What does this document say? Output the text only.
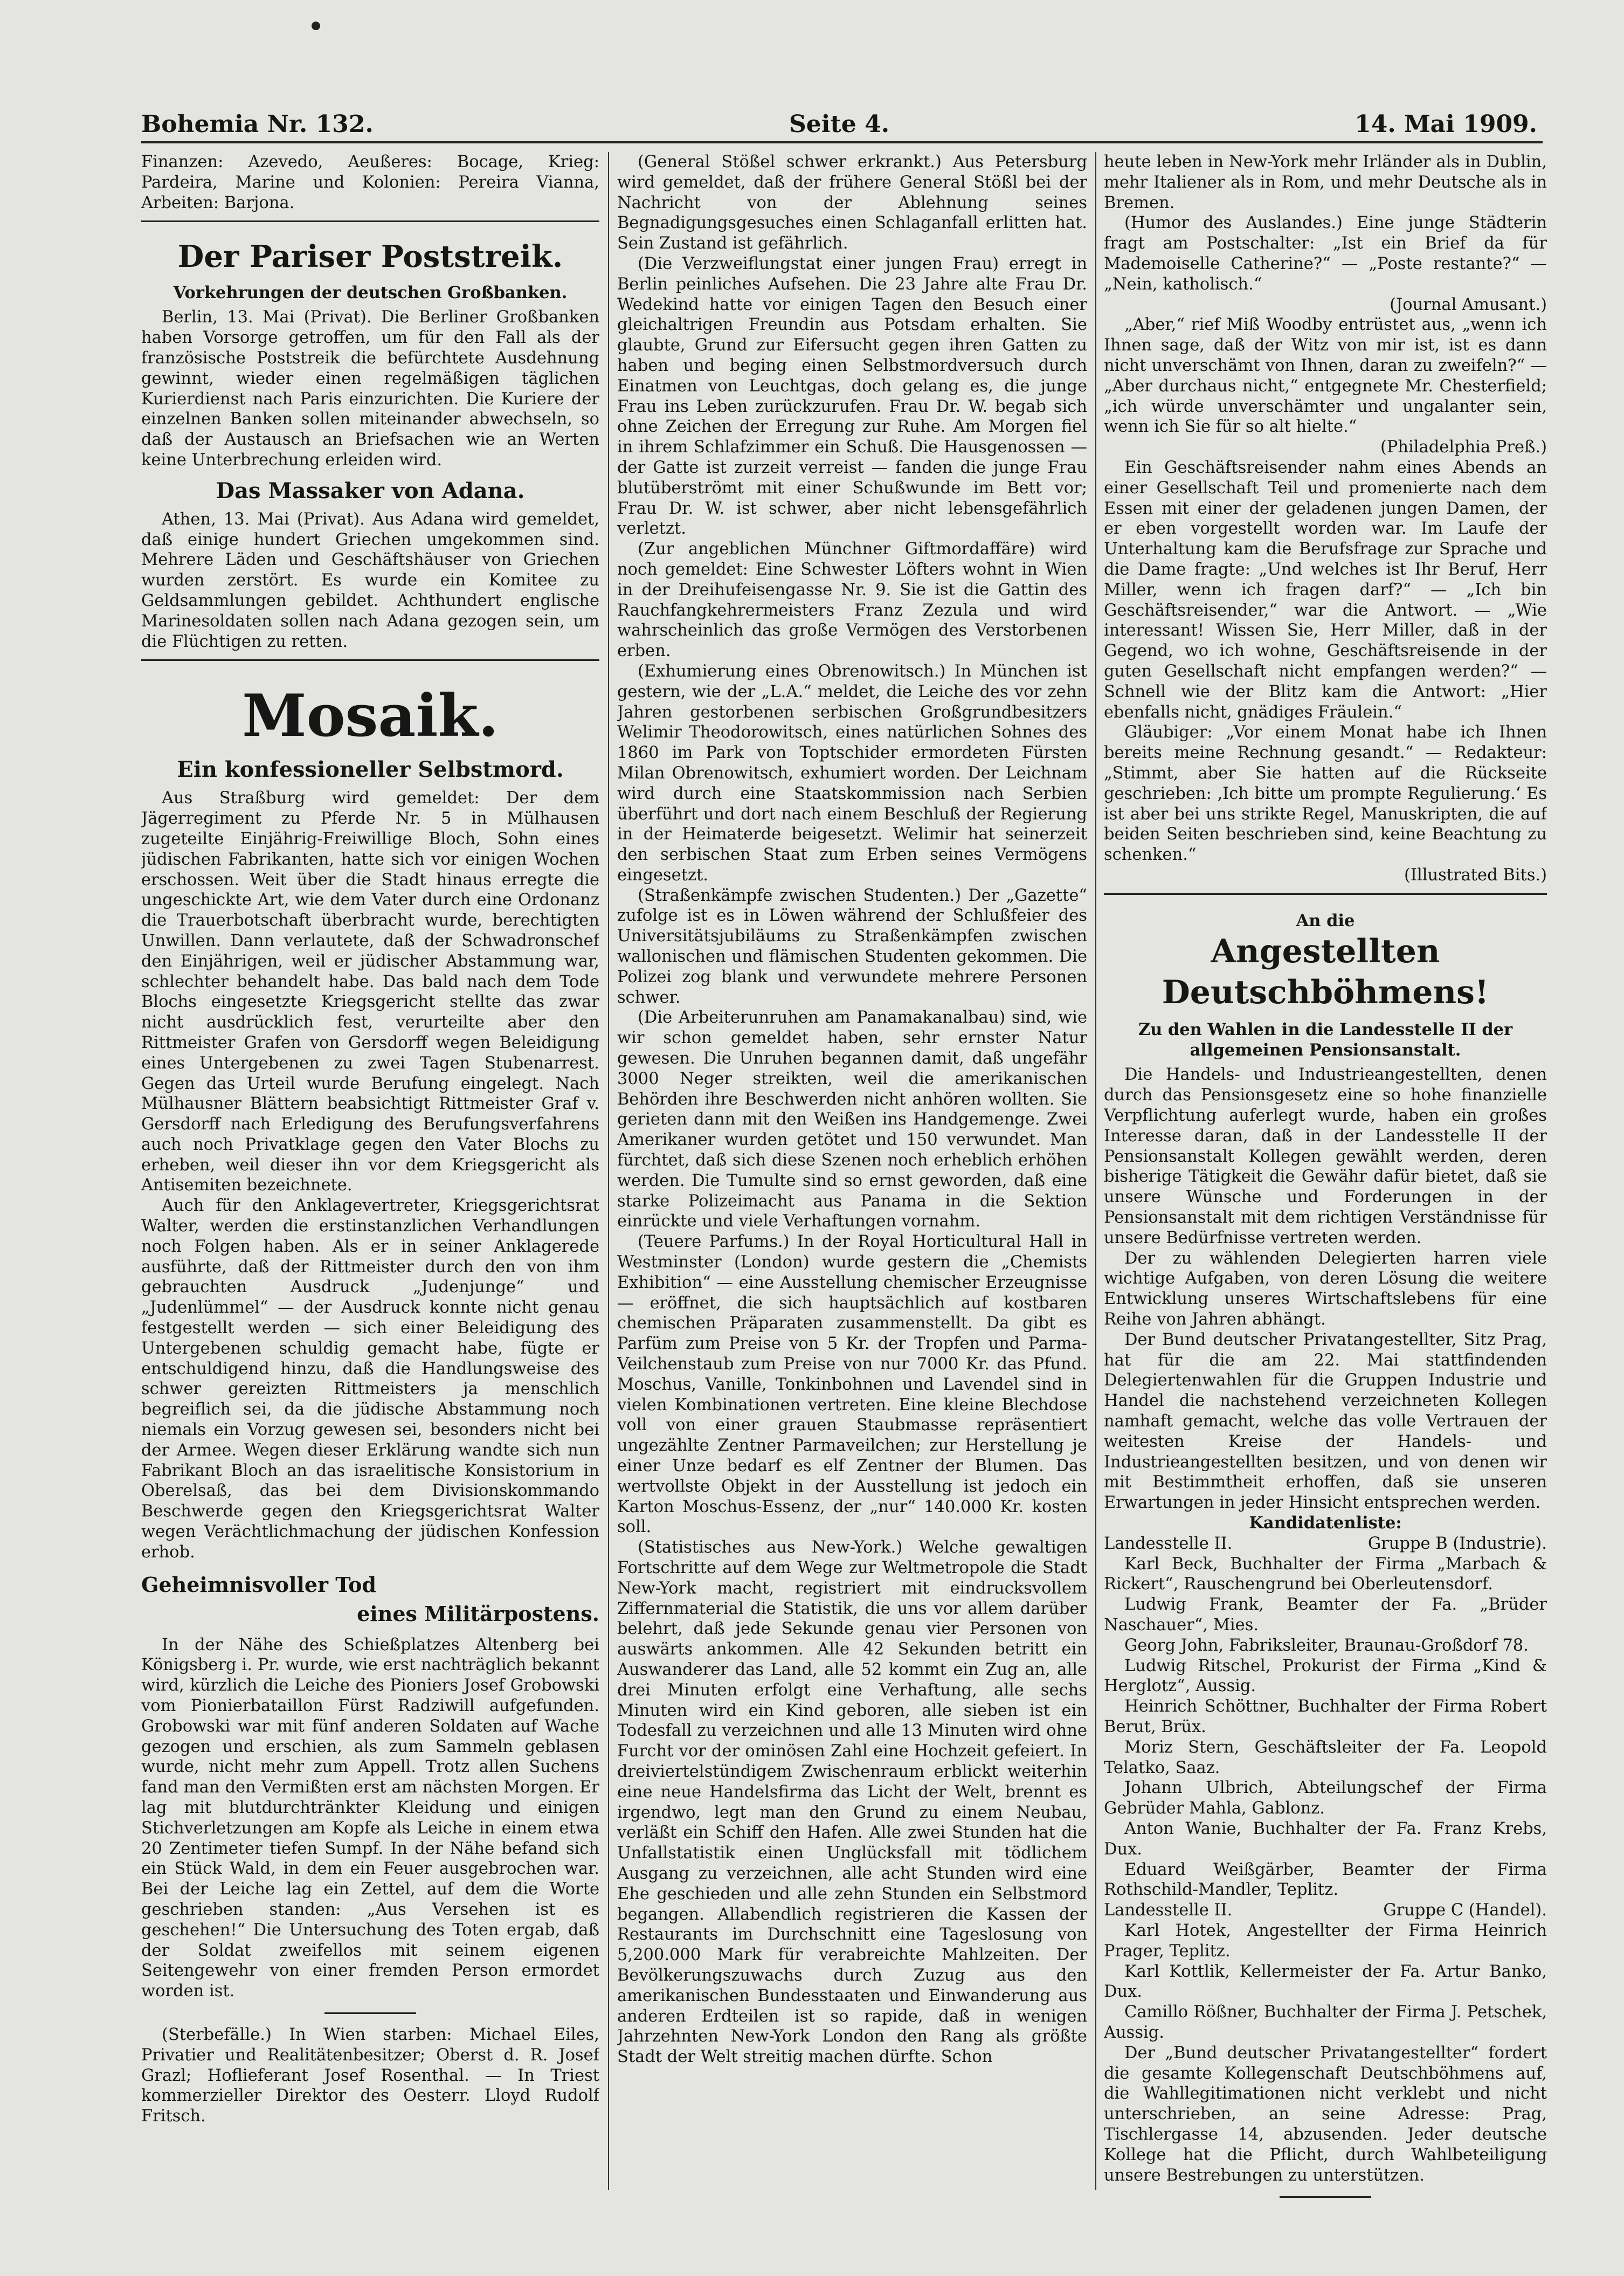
Bohemia Nr. 132.	Seite 4.	14. Mai 1909.

Finanzen: Azevedo, Aeußeres: Bocage, Krieg: Pardeira, Marine und Kolonien: Pereira Vianna, Arbeiten: Barjona.

Der Pariser Poststreik.
Vorkehrungen der deutschen Großbanken.

Berlin, 13. Mai (Privat). Die Berliner Großbanken haben Vorsorge getroffen, um für den Fall als der französische Poststreik die befürchtete Ausdehnung gewinnt, wieder einen regelmäßigen täglichen Kurierdienst nach Paris einzurichten. Die Kuriere der einzelnen Banken sollen miteinander abwechseln, so daß der Austausch an Briefsachen wie an Werten keine Unterbrechung erleiden wird.

Das Massaker von Adana.

Athen, 13. Mai (Privat). Aus Adana wird gemeldet, daß einige hundert Griechen umgekommen sind. Mehrere Läden und Geschäftshäuser von Griechen wurden zerstört. Es wurde ein Komitee zu Geldsammlungen gebildet. Achthundert englische Marinesoldaten sollen nach Adana gezogen sein, um die Flüchtigen zu retten.

Mosaik.
Ein konfessioneller Selbstmord.

Aus Straßburg wird gemeldet: Der dem Jägerregiment zu Pferde Nr. 5 in Mülhausen zugeteilte Einjährig-Freiwillige Bloch, Sohn eines jüdischen Fabrikanten, hatte sich vor einigen Wochen erschossen. Weit über die Stadt hinaus erregte die ungeschickte Art, wie dem Vater durch eine Ordonanz die Trauerbotschaft überbracht wurde, berechtigten Unwillen. Dann verlautete, daß der Schwadronschef den Einjährigen, weil er jüdischer Abstammung war, schlechter behandelt habe. Das bald nach dem Tode Blochs eingesetzte Kriegsgericht stellte das zwar nicht ausdrücklich fest, verurteilte aber den Rittmeister Grafen von Gersdorff wegen Beleidigung eines Untergebenen zu zwei Tagen Stubenarrest. Gegen das Urteil wurde Berufung eingelegt. Nach Mülhausner Blättern beabsichtigt Rittmeister Graf v. Gersdorff nach Erledigung des Berufungsverfahrens auch noch Privatklage gegen den Vater Blochs zu erheben, weil dieser ihn vor dem Kriegsgericht als Antisemiten bezeichnete.

Auch für den Anklagevertreter, Kriegsgerichtsrat Walter, werden die erstinstanzlichen Verhandlungen noch Folgen haben. Als er in seiner Anklagerede ausführte, daß der Rittmeister durch den von ihm gebrauchten Ausdruck „Judenjunge“ und „Judenlümmel“ — der Ausdruck konnte nicht genau festgestellt werden — sich einer Beleidigung des Untergebenen schuldig gemacht habe, fügte er entschuldigend hinzu, daß die Handlungsweise des schwer gereizten Rittmeisters ja menschlich begreiflich sei, da die jüdische Abstammung noch niemals ein Vorzug gewesen sei, besonders nicht bei der Armee. Wegen dieser Erklärung wandte sich nun Fabrikant Bloch an das israelitische Konsistorium in Oberelsaß, das bei dem Divisionskommando Beschwerde gegen den Kriegsgerichtsrat Walter wegen Verächtlichmachung der jüdischen Konfession erhob.

Geheimnisvoller Tod
eines Militärpostens.

In der Nähe des Schießplatzes Altenberg bei Königsberg i. Pr. wurde, wie erst nachträglich bekannt wird, kürzlich die Leiche des Pioniers Josef Grobowski vom Pionierbataillon Fürst Radziwill aufgefunden. Grobowski war mit fünf anderen Soldaten auf Wache gezogen und erschien, als zum Sammeln geblasen wurde, nicht mehr zum Appell. Trotz allen Suchens fand man den Vermißten erst am nächsten Morgen. Er lag mit blutdurchtränkter Kleidung und einigen Stichverletzungen am Kopfe als Leiche in einem etwa 20 Zentimeter tiefen Sumpf. In der Nähe befand sich ein Stück Wald, in dem ein Feuer ausgebrochen war. Bei der Leiche lag ein Zettel, auf dem die Worte geschrieben standen: „Aus Versehen ist es geschehen!“ Die Untersuchung des Toten ergab, daß der Soldat zweifellos mit seinem eigenen Seitengewehr von einer fremden Person ermordet worden ist.

(Sterbefälle.) In Wien starben: Michael Eiles, Privatier und Realitätenbesitzer; Oberst d. R. Josef Grazl; Hoflieferant Josef Rosenthal. — In Triest kommerzieller Direktor des Oesterr. Lloyd Rudolf Fritsch.

(General Stößel schwer erkrankt.) Aus Petersburg wird gemeldet, daß der frühere General Stößl bei der Nachricht von der Ablehnung seines Begnadigungsgesuches einen Schlaganfall erlitten hat. Sein Zustand ist gefährlich.

(Die Verzweiflungstat einer jungen Frau) erregt in Berlin peinliches Aufsehen. Die 23 Jahre alte Frau Dr. Wedekind hatte vor einigen Tagen den Besuch einer gleichaltrigen Freundin aus Potsdam erhalten. Sie glaubte, Grund zur Eifersucht gegen ihren Gatten zu haben und beging einen Selbstmordversuch durch Einatmen von Leuchtgas, doch gelang es, die junge Frau ins Leben zurückzurufen. Frau Dr. W. begab sich ohne Zeichen der Erregung zur Ruhe. Am Morgen fiel in ihrem Schlafzimmer ein Schuß. Die Hausgenossen — der Gatte ist zurzeit verreist — fanden die junge Frau blutüberströmt mit einer Schußwunde im Bett vor; Frau Dr. W. ist schwer, aber nicht lebensgefährlich verletzt.

(Zur angeblichen Münchner Giftmordaffäre) wird noch gemeldet: Eine Schwester Löfters wohnt in Wien in der Dreihufeisengasse Nr. 9. Sie ist die Gattin des Rauchfangkehrermeisters Franz Zezula und wird wahrscheinlich das große Vermögen des Verstorbenen erben.

(Exhumierung eines Obrenowitsch.) In München ist gestern, wie der „L.A.“ meldet, die Leiche des vor zehn Jahren gestorbenen serbischen Großgrundbesitzers Welimir Theodorowitsch, eines natürlichen Sohnes des 1860 im Park von Toptschider ermordeten Fürsten Milan Obrenowitsch, exhumiert worden. Der Leichnam wird durch eine Staatskommission nach Serbien überführt und dort nach einem Beschluß der Regierung in der Heimaterde beigesetzt. Welimir hat seinerzeit den serbischen Staat zum Erben seines Vermögens eingesetzt.

(Straßenkämpfe zwischen Studenten.) Der „Gazette“ zufolge ist es in Löwen während der Schlußfeier des Universitätsjubiläums zu Straßenkämpfen zwischen wallonischen und flämischen Studenten gekommen. Die Polizei zog blank und verwundete mehrere Personen schwer.

(Die Arbeiterunruhen am Panamakanalbau) sind, wie wir schon gemeldet haben, sehr ernster Natur gewesen. Die Unruhen begannen damit, daß ungefähr 3000 Neger streikten, weil die amerikanischen Behörden ihre Beschwerden nicht anhören wollten. Sie gerieten dann mit den Weißen ins Handgemenge. Zwei Amerikaner wurden getötet und 150 verwundet. Man fürchtet, daß sich diese Szenen noch erheblich erhöhen werden. Die Tumulte sind so ernst geworden, daß eine starke Polizeimacht aus Panama in die Sektion einrückte und viele Verhaftungen vornahm.

(Teuere Parfums.) In der Royal Horticultural Hall in Westminster (London) wurde gestern die „Chemists Exhibition“ — eine Ausstellung chemischer Erzeugnisse — eröffnet, die sich hauptsächlich auf kostbaren chemischen Präparaten zusammenstellt. Da gibt es Parfüm zum Preise von 5 Kr. der Tropfen und Parma-Veilchenstaub zum Preise von nur 7000 Kr. das Pfund. Moschus, Vanille, Tonkinbohnen und Lavendel sind in vielen Kombinationen vertreten. Eine kleine Blechdose voll von einer grauen Staubmasse repräsentiert ungezählte Zentner Parmaveilchen; zur Herstellung je einer Unze bedarf es elf Zentner der Blumen. Das wertvollste Objekt in der Ausstellung ist jedoch ein Karton Moschus-Essenz, der „nur“ 140.000 Kr. kosten soll.

(Statistisches aus New-York.) Welche gewaltigen Fortschritte auf dem Wege zur Weltmetropole die Stadt New-York macht, registriert mit eindrucksvollem Ziffernmaterial die Statistik, die uns vor allem darüber belehrt, daß jede Sekunde genau vier Personen von auswärts ankommen. Alle 42 Sekunden betritt ein Auswanderer das Land, alle 52 kommt ein Zug an, alle drei Minuten erfolgt eine Verhaftung, alle sechs Minuten wird ein Kind geboren, alle sieben ist ein Todesfall zu verzeichnen und alle 13 Minuten wird ohne Furcht vor der ominösen Zahl eine Hochzeit gefeiert. In dreiviertelstündigem Zwischenraum erblickt weiterhin eine neue Handelsfirma das Licht der Welt, brennt es irgendwo, legt man den Grund zu einem Neubau, verläßt ein Schiff den Hafen. Alle zwei Stunden hat die Unfallstatistik einen Unglücksfall mit tödlichem Ausgang zu verzeichnen, alle acht Stunden wird eine Ehe geschieden und alle zehn Stunden ein Selbstmord begangen. Allabendlich registrieren die Kassen der Restaurants im Durchschnitt eine Tageslosung von 5,200.000 Mark für verabreichte Mahlzeiten. Der Bevölkerungszuwachs durch Zuzug aus den amerikanischen Bundesstaaten und Einwanderung aus anderen Erdteilen ist so rapide, daß in wenigen Jahrzehnten New-York London den Rang als größte Stadt der Welt streitig machen dürfte. Schon

heute leben in New-York mehr Irländer als in Dublin, mehr Italiener als in Rom, und mehr Deutsche als in Bremen.

(Humor des Auslandes.) Eine junge Städterin fragt am Postschalter: „Ist ein Brief da für Mademoiselle Catherine?“ — „Poste restante?“ — „Nein, katholisch.“

(Journal Amusant.)

„Aber,“ rief Miß Woodby entrüstet aus, „wenn ich Ihnen sage, daß der Witz von mir ist, ist es dann nicht unverschämt von Ihnen, daran zu zweifeln?“ — „Aber durchaus nicht,“ entgegnete Mr. Chesterfield; „ich würde unverschämter und ungalanter sein, wenn ich Sie für so alt hielte.“

(Philadelphia Preß.)

Ein Geschäftsreisender nahm eines Abends an einer Gesellschaft Teil und promenierte nach dem Essen mit einer der geladenen jungen Damen, der er eben vorgestellt worden war. Im Laufe der Unterhaltung kam die Berufsfrage zur Sprache und die Dame fragte: „Und welches ist Ihr Beruf, Herr Miller, wenn ich fragen darf?“ — „Ich bin Geschäftsreisender,“ war die Antwort. — „Wie interessant! Wissen Sie, Herr Miller, daß in der Gegend, wo ich wohne, Geschäftsreisende in der guten Gesellschaft nicht empfangen werden?“ — Schnell wie der Blitz kam die Antwort: „Hier ebenfalls nicht, gnädiges Fräulein.“

Gläubiger: „Vor einem Monat habe ich Ihnen bereits meine Rechnung gesandt.“ — Redakteur: „Stimmt, aber Sie hatten auf die Rückseite geschrieben: ‚Ich bitte um prompte Regulierung.‘ Es ist aber bei uns strikte Regel, Manuskripten, die auf beiden Seiten beschrieben sind, keine Beachtung zu schenken.“

(Illustrated Bits.)
An die
Angestellten Deutschböhmens!
Zu den Wahlen in die Landesstelle II der allgemeinen Pensionsanstalt.

Die Handels- und Industrieangestellten, denen durch das Pensionsgesetz eine so hohe finanzielle Verpflichtung auferlegt wurde, haben ein großes Interesse daran, daß in der Landesstelle II der Pensionsanstalt Kollegen gewählt werden, deren bisherige Tätigkeit die Gewähr dafür bietet, daß sie unsere Wünsche und Forderungen in der Pensionsanstalt mit dem richtigen Verständnisse für unsere Bedürfnisse vertreten werden.

Der zu wählenden Delegierten harren viele wichtige Aufgaben, von deren Lösung die weitere Entwicklung unseres Wirtschaftslebens für eine Reihe von Jahren abhängt.

Der Bund deutscher Privatangestellter, Sitz Prag, hat für die am 22. Mai stattfindenden Delegiertenwahlen für die Gruppen Industrie und Handel die nachstehend verzeichneten Kollegen namhaft gemacht, welche das volle Vertrauen der weitesten Kreise der Handels- und Industrieangestellten besitzen, und von denen wir mit Bestimmtheit erhoffen, daß sie unseren Erwartungen in jeder Hinsicht entsprechen werden.

Kandidatenliste:
Landesstelle II.	Gruppe B (Industrie).

Karl Beck, Buchhalter der Firma „Marbach & Rickert“, Rauschengrund bei Oberleutensdorf.

Ludwig Frank, Beamter der Fa. „Brüder Naschauer“, Mies.

Georg John, Fabriksleiter, Braunau-Großdorf 78.

Ludwig Ritschel, Prokurist der Firma „Kind & Herglotz“, Aussig.

Heinrich Schöttner, Buchhalter der Firma Robert Berut, Brüx.

Moriz Stern, Geschäftsleiter der Fa. Leopold Telatko, Saaz.

Johann Ulbrich, Abteilungschef der Firma Gebrüder Mahla, Gablonz.

Anton Wanie, Buchhalter der Fa. Franz Krebs, Dux.

Eduard Weißgärber, Beamter der Firma Rothschild-Mandler, Teplitz.

Landesstelle II.	Gruppe C (Handel).

Karl Hotek, Angestellter der Firma Heinrich Prager, Teplitz.

Karl Kottlik, Kellermeister der Fa. Artur Banko, Dux.

Camillo Rößner, Buchhalter der Firma J. Petschek, Aussig.

Der „Bund deutscher Privatangestellter“ fordert die gesamte Kollegenschaft Deutschböhmens auf, die Wahllegitimationen nicht verklebt und nicht unterschrieben, an seine Adresse: Prag, Tischlergasse 14, abzusenden. Jeder deutsche Kollege hat die Pflicht, durch Wahlbeteiligung unsere Bestrebungen zu unterstützen.
